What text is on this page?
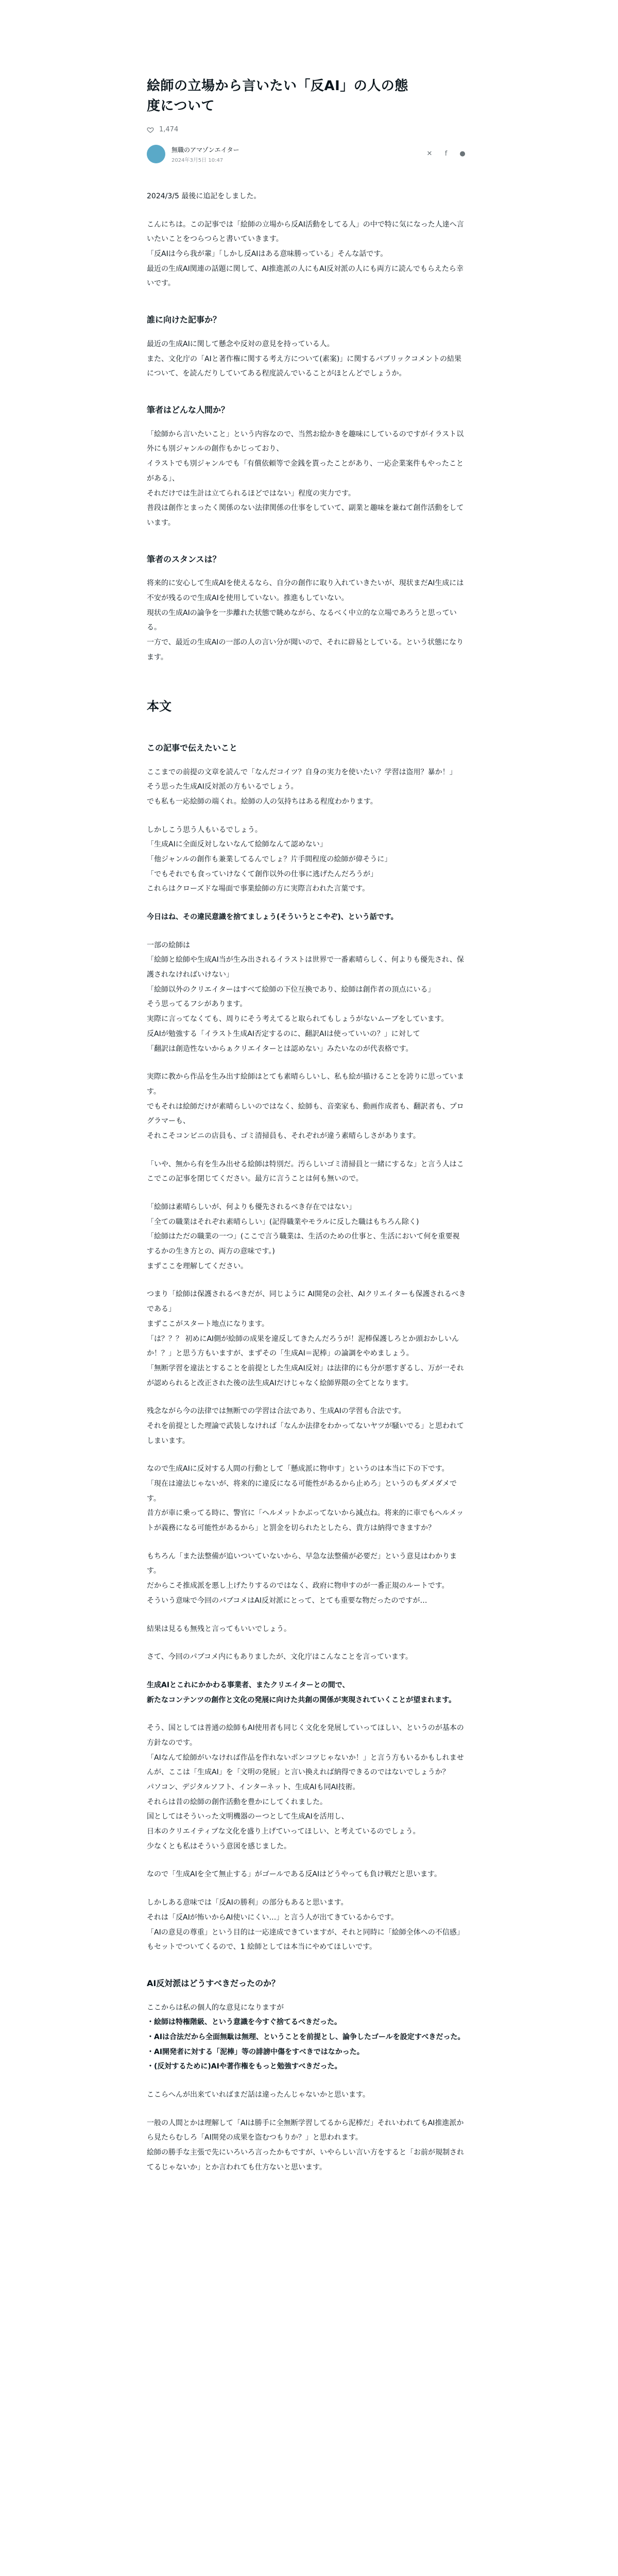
絵師の立場から言いたい「反AI」の人の態
度について
1,474
無職のアマゾンエイター
2024年3月5日 10:47
✕	f	●

2024/3/5 最後に追記をしました。

こんにちは。この記事では「絵師の立場から反AI活動をしてる人」の中で特に気になった人達へ言いたいことをつらつらと書いていきます。
「反AIは今ら我が輩」「しかし反AIはある意味勝っている」そんな話です。
最近の生成AI関連の話題に関して、AI推進派の人にもAI反対派の人にも両方に読んでもらえたら幸いです。

誰に向けた記事か？

最近の生成AIに関して懸念や反対の意見を持っている人。
また、文化庁の「AIと著作権に関する考え方について(素案)」に関するパブリックコメントの結果について、を読んだりしていてある程度読んでいることがほとんどでしょうか。

筆者はどんな人間か？

「絵師から言いたいこと」という内容なので、当然お絵かきを趣味にしているのですがイラスト以外にも別ジャンルの創作もかじっており、
イラストでも別ジャンルでも「有償依頼等で金銭を貰ったことがあり、一応企業案件もやったことがある」、
それだけでは生計は立てられるほどではない」程度の実力です。
普段は創作とまったく関係のない法律関係の仕事をしていて、副業と趣味を兼ねて創作活動をしています。

筆者のスタンスは？

将来的に安心して生成AIを使えるなら、自分の創作に取り入れていきたいが、現状まだAI生成には不安が残るので生成AIを使用していない。推進もしていない。
現状の生成AIの論争を一歩離れた状態で眺めながら、なるべく中立的な立場であろうと思っている。
一方で、最近の生成AIの一部の人の言い分が聞いので、それに辟易としている。という状態になります。

本文
この記事で伝えたいこと

ここまでの前提の文章を読んで「なんだコイツ？自身の実力を使いたい？学習は盗用？暴か！」
そう思った生成AI反対派の方もいるでしょう。
でも私も一応絵師の端くれ。絵師の人の気持ちはある程度わかります。

しかしこう思う人もいるでしょう。
「生成AIに全面反対しないなんて絵師なんて認めない」
「他ジャンルの創作も兼業してるんでしょ？片手間程度の絵師が偉そうに」
「でもそれでも食っていけなくて創作以外の仕事に逃げたんだろうが」
これらはクローズドな場面で事業絵師の方に実際言われた言葉です。

今日はね、その違民意識を捨てましょう(そういうとこやぞ)、という話です。

一部の絵師は
「絵師と絵師や生成AI当が生み出されるイラストは世界で一番素晴らしく、何よりも優先され、保護されなければいけない」
「絵師以外のクリエイターはすべて絵師の下位互換であり、絵師は創作者の頂点にいる」
そう思ってるフシがあります。
実際に言ってなくても、周りにそう考えてると取られてもしょうがないムーブをしています。
反AIが勉強する「イラスト生成AI否定するのに、翻訳AIは使っていいの？」に対して
「翻訳は創造性ないからぁクリエイターとは認めない」みたいなのが代表格です。

実際に教から作品を生み出す絵師はとても素晴らしいし、私も絵が描けることを誇りに思っています。
でもそれは絵師だけが素晴らしいのではなく、絵師も、音楽家も、動画作成者も、翻訳者も、プログラマーも、
それこそコンビニの店員も、ゴミ清掃員も、それぞれが違う素晴らしさがあります。

「いや、無から有を生み出せる絵師は特別だ。汚らしいゴミ清掃員と一緒にするな」と言う人はここでこの記事を閉じてください。最方に言うことは何も無いので。

「絵師は素晴らしいが、何よりも優先されるべき存在ではない」
「全ての職業はそれぞれ素晴らしい」(記得職業やモラルに反した職はもちろん除く)
「絵師はただの職業の一つ」(ここで言う職業は、生活のための仕事と、生活において何を重要視するかの生き方との、両方の意味です。)
まずここを理解してください。

つまり「絵師は保護されるべきだが、同じように AI開発の会社、AIクリエイターも保護されるべきである」
まずここがスタート地点になります。
「は？？？ 初めにAI側が絵師の成果を違反してきたんだろうが！泥棒保護しろとか頭おかしいんか！？」と思う方もいますが、まずその「生成AI＝泥棒」の論調をやめましょう。
「無断学習を違法とすることを前提とした生成AI反対」は法律的にも分が悪すぎるし、万が一それが認められると改正された後の法生成AIだけじゃなく絵師界隈の全てとなります。

残念ながら今の法律では無断での学習は合法であり、生成AIの学習も合法です。
それを前提とした理論で武装しなければ「なんか法律をわかってないヤツが騒いでる」と思われてしまいます。

なので生成AIに反対する人間の行動として「懸成派に物申す」というのは本当に下の下です。
「現在は違法じゃないが、将来的に違反になる可能性があるから止めろ」というのもダメダメです。
昔方が車に乗ってる時に、警官に「ヘルメットかぶってないから減点ね。将来的に車でもヘルメットが義務になる可能性があるから」と罰金を切られたとしたら、貴方は納得できますか？

もちろん「また法整備が追いついていないから、早急な法整備が必要だ」という意見はわかります。
だからこそ推成派を悪し上げたりするのではなく、政府に物申すのが一番正規のルートです。
そういう意味で今回のパブコメはAI反対派にとって、とても重要な物だったのですが…

結果は見るも無残と言ってもいいでしょう。

さて、今回のパブコメ内にもありましたが、文化庁はこんなことを言っています。

生成AIとこれにかかわる事業者、またクリエイターとの間で、
新たなコンテンツの創作と文化の発展に向けた共創の関係が実現されていくことが望まれます。

そう、国としては普通の絵師もAI使用者も同じく文化を発展していってほしい、というのが基本の方針なのです。
「AIなんて絵師がいなければ作品を作れないポンコツじゃないか！」と言う方もいるかもしれませんが、ここは「生成AI」を「文明の発展」と言い換えれば納得できるのではないでしょうか？
パソコン、デジタルソフト、インターネット、生成AIも同AI技術。
それらは昔の絵師の創作活動を豊かにしてくれました。
国としてはそういった文明機器のーつとして生成AIを活用し、
日本のクリエイティブな文化を盛り上げていってほしい、と考えているのでしょう。
少なくとも私はそういう意図を感じました。

なので「生成AIを全て無止する」がゴールである反AIはどうやっても負け戦だと思います。

しかしある意味では「反AIの勝利」の部分もあると思います。
それは「反AIが怖いからAI使いにくい…」と言う人が出てきているからです。
「AIの意見の尊重」という目的は一応達成できていますが、それと同時に「絵師全体への不信感」もセットでついてくるので、1 絵師としては本当にやめてほしいです。

AI反対派はどうすべきだったのか？

ここからは私の個人的な意見になりますが
・絵師は特権階級、という意識を今すぐ捨てるべきだった。
・AIは合法だから全面無駄は無理、ということを前提とし、論争したゴールを設定すべきだった。
・AI開発者に対する「泥棒」等の誹謗中傷をすべきではなかった。
・(反対するために)AIや著作権をもっと勉強すべきだった。

ここらへんが出来ていればまだ話は違ったんじゃないかと思います。

一般の人間とかは理解して「AIは勝手に全無断学習してるから泥棒だ」それいわれてもAI推進派から見たらむしろ「AI開発の成果を盗むつもりか？」と思われます。
絵師の勝手な主張で先にいろいろ言ったかもですが、いやらしい言い方をすると「お前が規制されてるじゃないか」とか言われても仕方ないと思います。
